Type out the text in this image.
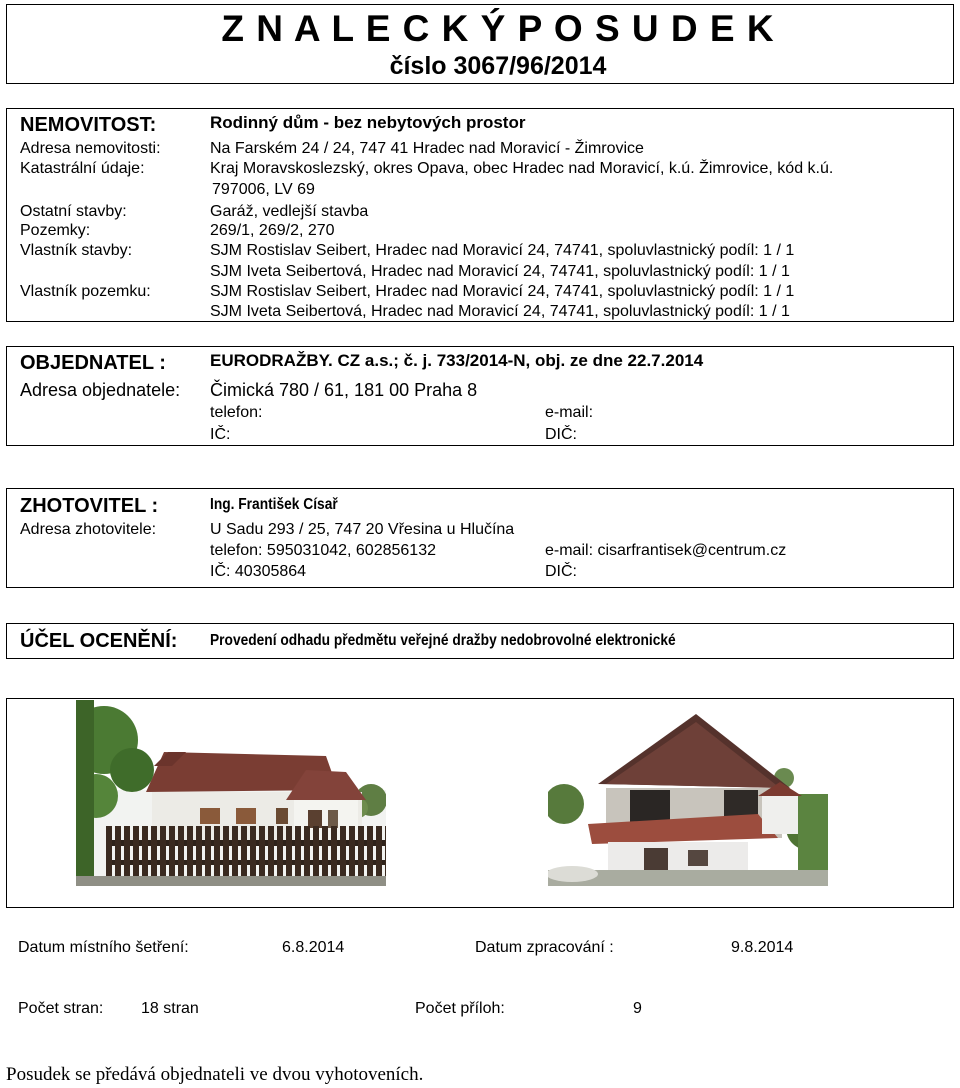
Z N A L E C K Ý P O S U D E K
číslo 3067/96/2014
NEMOVITOST:	Rodinný dům - bez nebytových prostor
Adresa nemovitosti:	Na Farském 24 / 24, 747 41 Hradec nad Moravicí - Žimrovice
Katastrální údaje:	Kraj Moravskoslezský, okres Opava, obec Hradec nad Moravicí, k.ú. Žimrovice, kód k.ú.
797006, LV 69
Ostatní stavby:	Garáž, vedlejší stavba
Pozemky:	269/1, 269/2, 270
Vlastník stavby:	SJM Rostislav Seibert, Hradec nad Moravicí 24, 74741, spoluvlastnický podíl: 1 / 1
SJM Iveta Seibertová, Hradec nad Moravicí 24, 74741, spoluvlastnický podíl: 1 / 1
Vlastník pozemku:	SJM Rostislav Seibert, Hradec nad Moravicí 24, 74741, spoluvlastnický podíl: 1 / 1
SJM Iveta Seibertová, Hradec nad Moravicí 24, 74741, spoluvlastnický podíl: 1 / 1
OBJEDNATEL :	EURODRAŽBY. CZ a.s.; č. j. 733/2014-N, obj. ze dne 22.7.2014
Adresa objednatele: Čimická 780 / 61, 181 00 Praha 8
telefon:	e-mail:
IČ:	DIČ:
ZHOTOVITEL :	Ing. František Císař
Adresa zhotovitele:	U Sadu 293 / 25, 747 20 Vřesina u Hlučína
telefon: 595031042, 602856132	e-mail: cisarfrantisek@centrum.cz
IČ: 40305864	DIČ:
ÚČEL OCENĚNÍ: Provedení odhadu předmětu veřejné dražby nedobrovolné elektronické
Datum místního šetření:	6.8.2014	Datum zpracování :	9.8.2014
Počet stran: 18 stran	Počet příloh:	9
Posudek se předává objednateli ve dvou vyhotoveních.
